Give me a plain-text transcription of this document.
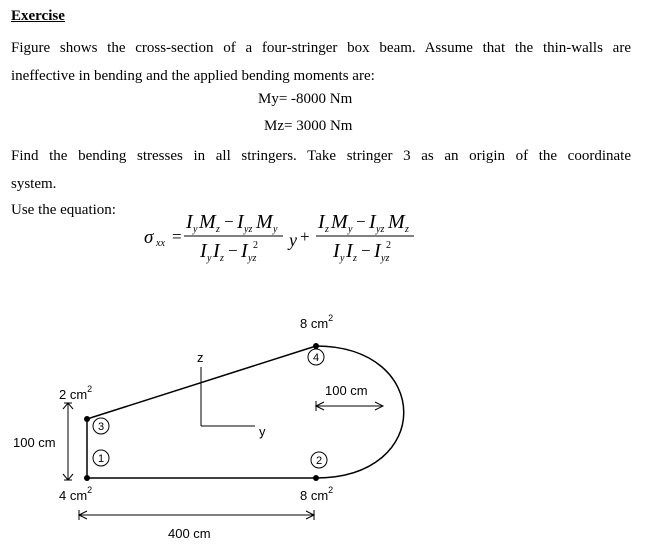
Exercise
Figure shows the cross-section of a four-stringer box beam. Assume that the thin-walls are
ineffective in bending and the applied bending moments are:
My= -8000 Nm
Mz= 3000 Nm
Find the bending stresses in all stringers. Take stringer 3 as an origin of the coordinate
system.
Use the equation:
σ xx =
I y M z − I yz M y
I y I z − I yz
2 y +
I z M y − I yz M z
I y I z − I yz
2
4
2
3
1
8 $cm^2$
8 $cm^2$
2 $cm^2$
4 $cm^2$
z
y
100 cm
100 cm
400 cm
